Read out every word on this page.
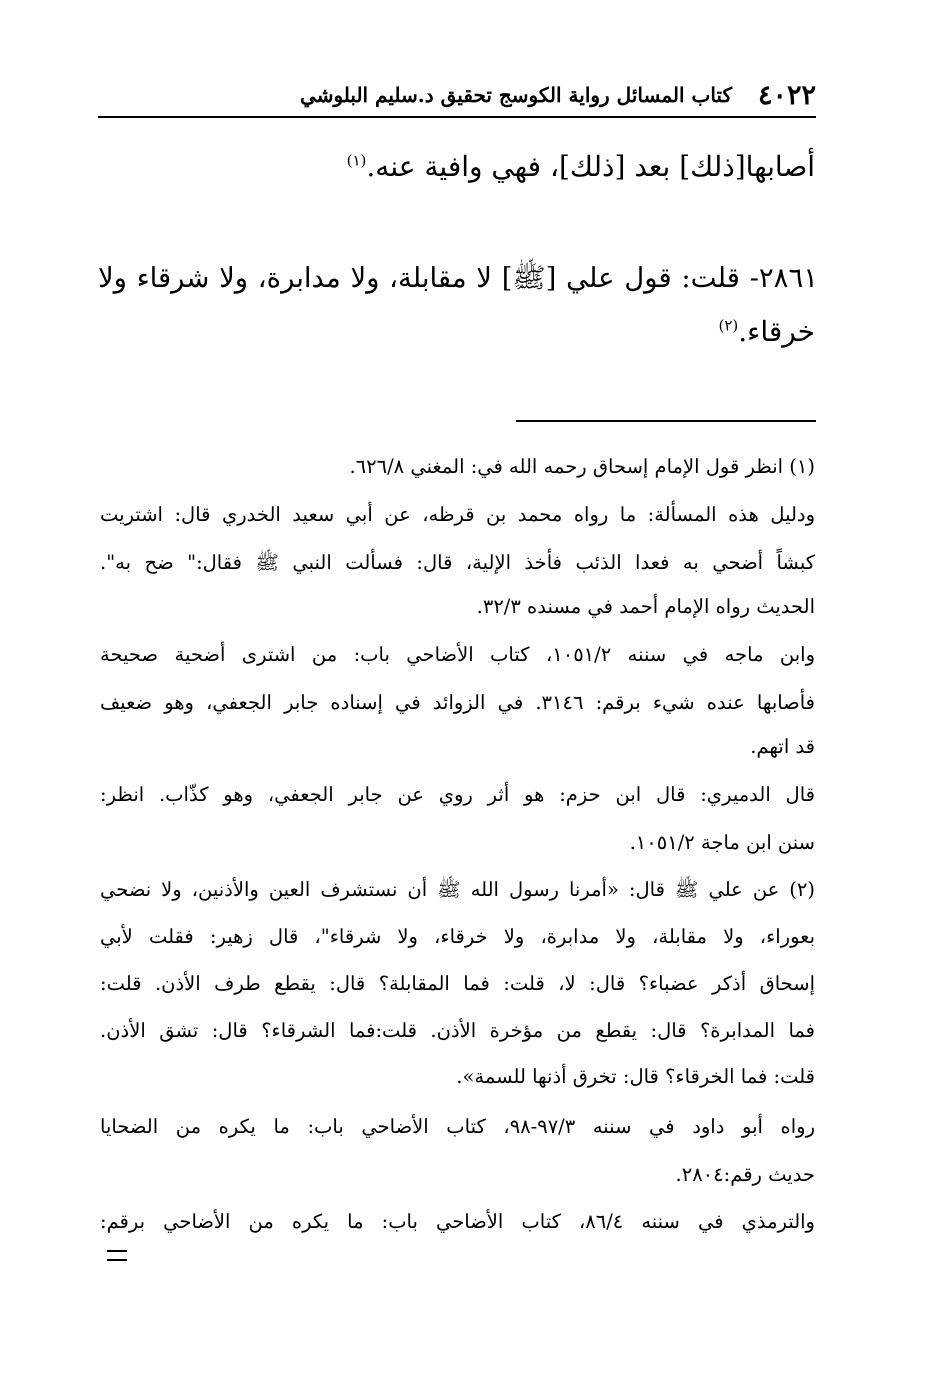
٤٠٢٢
كتاب المسائل رواية الكوسج تحقيق د.سليم البلوشي
أصابها[ذلك] بعد [ذلك]، فهي وافية عنه.$^{(١)}$
٢٨٦١- قلت: قول علي [ﷺ] لا مقابلة، ولا مدابرة، ولا شرقاء ولا
خرقاء.$^{(٢)}$
(١) انظر قول الإمام إسحاق رحمه الله في: المغني ٦٢٦/٨.
ودليل هذه المسألة: ما رواه محمد بن قرظه، عن أبي سعيد الخدري قال: اشتريت
كبشاً أضحي به فعدا الذئب فأخذ الإلية، قال: فسألت النبي ﷺ فقال:" ضح به".
الحديث رواه الإمام أحمد في مسنده ٣٢/٣.
وابن ماجه في سننه ١٠٥١/٢، كتاب الأضاحي باب: من اشترى أضحية صحيحة
فأصابها عنده شيء برقم: ٣١٤٦. في الزوائد في إسناده جابر الجعفي، وهو ضعيف
قد اتهم.
قال الدميري: قال ابن حزم: هو أثر روي عن جابر الجعفي، وهو كذّاب. انظر:
سنن ابن ماجة ١٠٥١/٢.
(٢) عن علي ﷺ قال: «أمرنا رسول الله ﷺ أن نستشرف العين والأذنين، ولا نضحي
بعوراء، ولا مقابلة، ولا مدابرة، ولا خرقاء، ولا شرقاء"، قال زهير: فقلت لأبي
إسحاق أذكر عضباء؟ قال: لا، قلت: فما المقابلة؟ قال: يقطع طرف الأذن. قلت:
فما المدابرة؟ قال: يقطع من مؤخرة الأذن. قلت:فما الشرقاء؟ قال: تشق الأذن.
قلت: فما الخرقاء؟ قال: تخرق أذنها للسمة».
رواه أبو داود في سننه ٩٧/٣-٩٨، كتاب الأضاحي باب: ما يكره من الضحايا
حديث رقم:٢٨٠٤.
والترمذي في سننه ٨٦/٤، كتاب الأضاحي باب: ما يكره من الأضاحي برقم:
